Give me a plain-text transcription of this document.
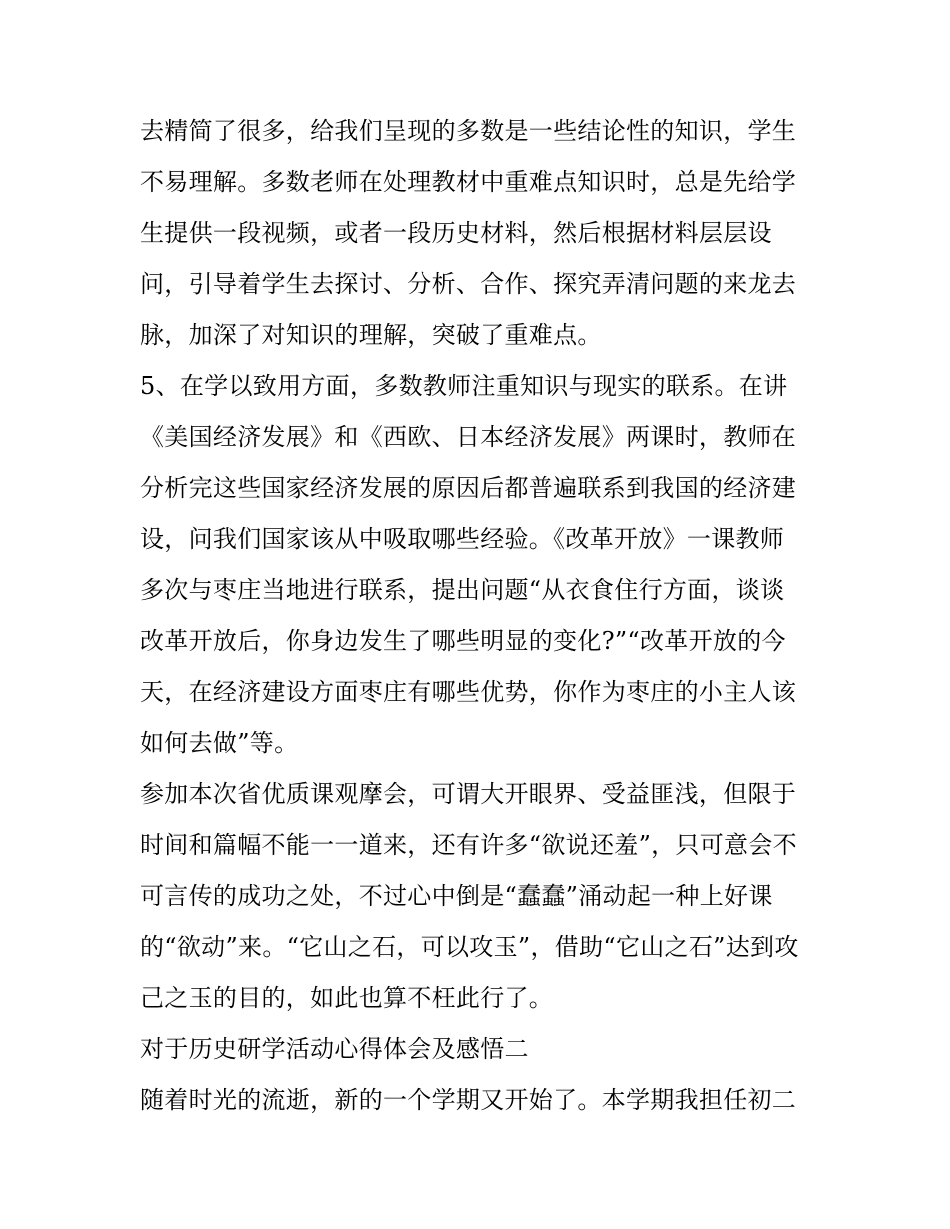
去精简了很多，给我们呈现的多数是一些结论性的知识，学生
不易理解。多数老师在处理教材中重难点知识时，总是先给学
生提供一段视频，或者一段历史材料，然后根据材料层层设
问，引导着学生去探讨、分析、合作、探究弄清问题的来龙去
脉，加深了对知识的理解，突破了重难点。
5、在学以致用方面，多数教师注重知识与现实的联系。在讲
《美国经济发展》和《西欧、日本经济发展》两课时，教师在
分析完这些国家经济发展的原因后都普遍联系到我国的经济建
设，问我们国家该从中吸取哪些经验。《改革开放》一课教师
多次与枣庄当地进行联系，提出问题“从衣食住行方面，谈谈
改革开放后，你身边发生了哪些明显的变化?”“改革开放的今
天，在经济建设方面枣庄有哪些优势，你作为枣庄的小主人该
如何去做”等。
参加本次省优质课观摩会，可谓大开眼界、受益匪浅，但限于
时间和篇幅不能一一道来，还有许多“欲说还羞”，只可意会不
可言传的成功之处，不过心中倒是“蠢蠢”涌动起一种上好课
的“欲动”来。“它山之石，可以攻玉”，借助“它山之石”达到攻
己之玉的目的，如此也算不枉此行了。
对于历史研学活动心得体会及感悟二
随着时光的流逝，新的一个学期又开始了。本学期我担任初二
